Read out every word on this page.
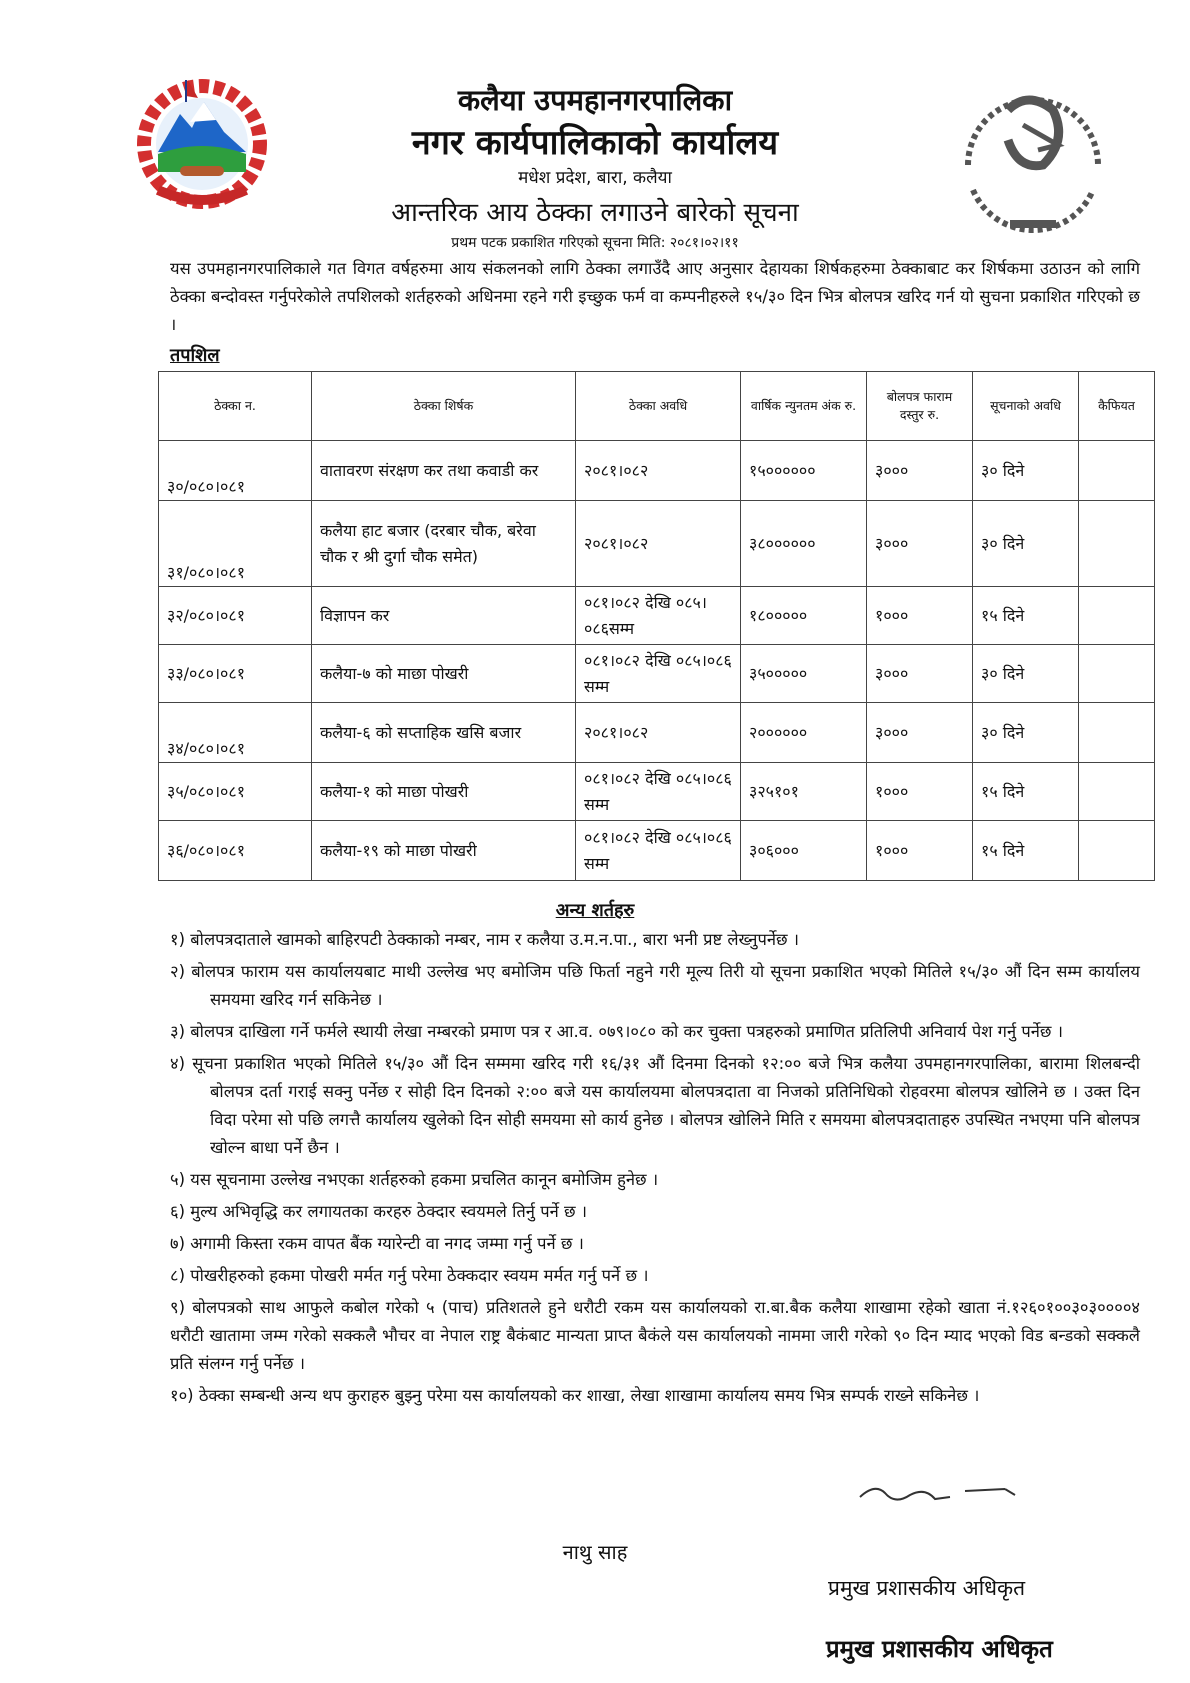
कलैया उपमहानगरपालिका
नगर कार्यपालिकाको कार्यालय
मधेश प्रदेश, बारा, कलैया
आन्तरिक आय ठेक्का लगाउने बारेको सूचना
प्रथम पटक प्रकाशित गरिएको सूचना मिति: २०८१।०२।११
यस उपमहानगरपालिकाले गत विगत वर्षहरुमा आय संकलनको लागि ठेक्का लगाउँदै आए अनुसार देहायका शिर्षकहरुमा ठेक्काबाट कर शिर्षकमा उठाउन को लागि ठेक्का बन्दोवस्त गर्नुपरेकोले तपशिलको शर्तहरुको अधिनमा रहने गरी इच्छुक फर्म वा कम्पनीहरुले १५/३० दिन भित्र बोलपत्र खरिद गर्न यो सुचना प्रकाशित गरिएको छ ।
तपशिल
ठेक्का न.	ठेक्का शिर्षक	ठेक्का अवधि	वार्षिक न्युनतम अंक रु.	बोलपत्र फाराम दस्तुर रु.	सूचनाको अवधि	कैफियत
३०/०८०।०८१	वातावरण संरक्षण कर तथा कवाडी कर	२०८१।०८२	१५००००००	३०००	३० दिने	
३१/०८०।०८१	कलैया हाट बजार (दरबार चौक, बरेवा चौक र श्री दुर्गा चौक समेत)	२०८१।०८२	३८००००००	३०००	३० दिने	
३२/०८०।०८१	विज्ञापन कर	०८१।०८२ देखि ०८५।०८६सम्म	१८०००००	१०००	१५ दिने	
३३/०८०।०८१	कलैया-७ को माछा पोखरी	०८१।०८२ देखि ०८५।०८६ सम्म	३५०००००	३०००	३० दिने	
३४/०८०।०८१	कलैया-६ को सप्ताहिक खसि बजार	२०८१।०८२	२००००००	३०००	३० दिने	
३५/०८०।०८१	कलैया-१ को माछा पोखरी	०८१।०८२ देखि ०८५।०८६ सम्म	३२५१०१	१०००	१५ दिने	
३६/०८०।०८१	कलैया-१९ को माछा पोखरी	०८१।०८२ देखि ०८५।०८६ सम्म	३०६०००	१०००	१५ दिने	
अन्य शर्तहरु
१) बोलपत्रदाताले खामको बाहिरपटी ठेक्काको नम्बर, नाम र कलैया उ.म.न.पा., बारा भनी प्रष्ट लेख्नुपर्नेछ ।
२) बोलपत्र फाराम यस कार्यालयबाट माथी उल्लेख भए बमोजिम पछि फिर्ता नहुने गरी मूल्य तिरी यो सूचना प्रकाशित भएको मितिले १५/३० औं दिन सम्म कार्यालय समयमा खरिद गर्न सकिनेछ ।
३) बोलपत्र दाखिला गर्ने फर्मले स्थायी लेखा नम्बरको प्रमाण पत्र र आ.व. ०७९।०८० को कर चुक्ता पत्रहरुको प्रमाणित प्रतिलिपी अनिवार्य पेश गर्नु पर्नेछ ।
४) सूचना प्रकाशित भएको मितिले १५/३० औं दिन सम्ममा खरिद गरी १६/३१ औं दिनमा दिनको १२:०० बजे भित्र कलैया उपमहानगरपालिका, बारामा शिलबन्दी बोलपत्र दर्ता गराई सक्नु पर्नेछ र सोही दिन दिनको २:०० बजे यस कार्यालयमा बोलपत्रदाता वा निजको प्रतिनिधिको रोहवरमा बोलपत्र खोलिने छ । उक्त दिन विदा परेमा सो पछि लगत्तै कार्यालय खुलेको दिन सोही समयमा सो कार्य हुनेछ । बोलपत्र खोलिने मिति र समयमा बोलपत्रदाताहरु उपस्थित नभएमा पनि बोलपत्र खोल्न बाधा पर्ने छैन ।
५) यस सूचनामा उल्लेख नभएका शर्तहरुको हकमा प्रचलित कानून बमोजिम हुनेछ ।
६) मुल्य अभिवृद्धि कर लगायतका करहरु ठेक्दार स्वयमले तिर्नु पर्ने छ ।
७) अगामी किस्ता रकम वापत बैंक ग्यारेन्टी वा नगद जम्मा गर्नु पर्ने छ ।
८) पोखरीहरुको हकमा पोखरी मर्मत गर्नु परेमा ठेक्कदार स्वयम मर्मत गर्नु पर्ने छ ।
९) बोलपत्रको साथ आफुले कबोल गरेको ५ (पाच) प्रतिशतले हुने धरौटी रकम यस कार्यालयको रा.बा.बैक कलैया शाखामा रहेको खाता नं.१२६०१००३०३००००४ धरौटी खातामा जम्म गरेको सक्कलै भौचर वा नेपाल राष्ट्र बैकंबाट मान्यता प्राप्त बैकंले यस कार्यालयको नाममा जारी गरेको ९० दिन म्याद भएको विड बन्डको सक्कलै प्रति संलग्न गर्नु पर्नेछ ।
१०) ठेक्का सम्बन्धी अन्य थप कुराहरु बुझ्नु परेमा यस कार्यालयको कर शाखा, लेखा शाखामा कार्यालय समय भित्र सम्पर्क राख्ने सकिनेछ ।
नाथु साह
प्रमुख प्रशासकीय अधिकृत
प्रमुख प्रशासकीय अधिकृत
